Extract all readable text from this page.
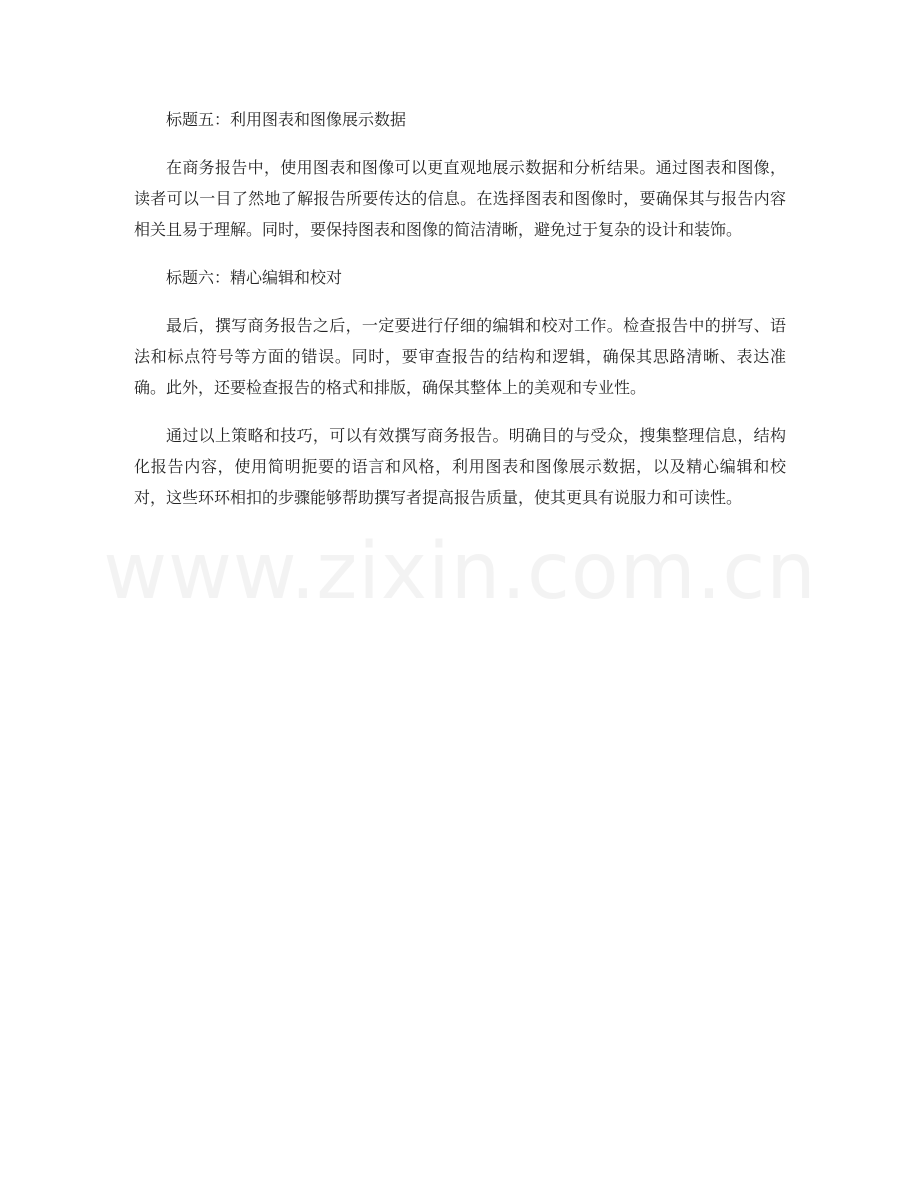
标题五：利用图表和图像展示数据

在商务报告中，使用图表和图像可以更直观地展示数据和分析结果。通过图表和图像，读者可以一目了然地了解报告所要传达的信息。在选择图表和图像时，要确保其与报告内容相关且易于理解。同时，要保持图表和图像的简洁清晰，避免过于复杂的设计和装饰。

标题六：精心编辑和校对

最后，撰写商务报告之后，一定要进行仔细的编辑和校对工作。检查报告中的拼写、语法和标点符号等方面的错误。同时，要审查报告的结构和逻辑，确保其思路清晰、表达准确。此外，还要检查报告的格式和排版，确保其整体上的美观和专业性。

通过以上策略和技巧，可以有效撰写商务报告。明确目的与受众，搜集整理信息，结构化报告内容，使用简明扼要的语言和风格，利用图表和图像展示数据，以及精心编辑和校对，这些环环相扣的步骤能够帮助撰写者提高报告质量，使其更具有说服力和可读性。

www.zixin.com.cn
